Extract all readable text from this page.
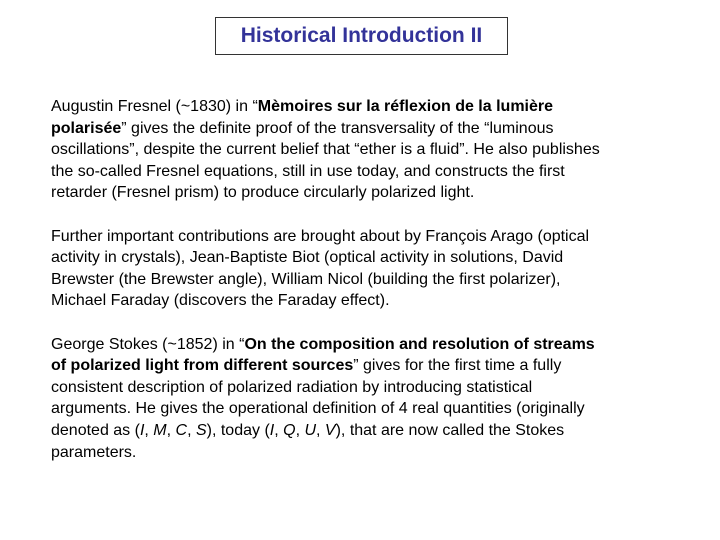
Historical Introduction II

Augustin Fresnel (~1830) in “Mèmoires sur la réflexion de la lumière
polarisée” gives the definite proof of the transversality of the “luminous
oscillations”, despite the current belief that “ether is a fluid”. He also publishes
the so-called Fresnel equations, still in use today, and constructs the first
retarder (Fresnel prism) to produce circularly polarized light.

Further important contributions are brought about by François Arago (optical
activity in crystals), Jean-Baptiste Biot (optical activity in solutions, David
Brewster (the Brewster angle), William Nicol (building the first polarizer),
Michael Faraday (discovers the Faraday effect).

George Stokes (~1852) in “On the composition and resolution of streams
of polarized light from different sources” gives for the first time a fully
consistent description of polarized radiation by introducing statistical
arguments. He gives the operational definition of 4 real quantities (originally
denoted as (I, M, C, S), today (I, Q, U, V), that are now called the Stokes
parameters.
